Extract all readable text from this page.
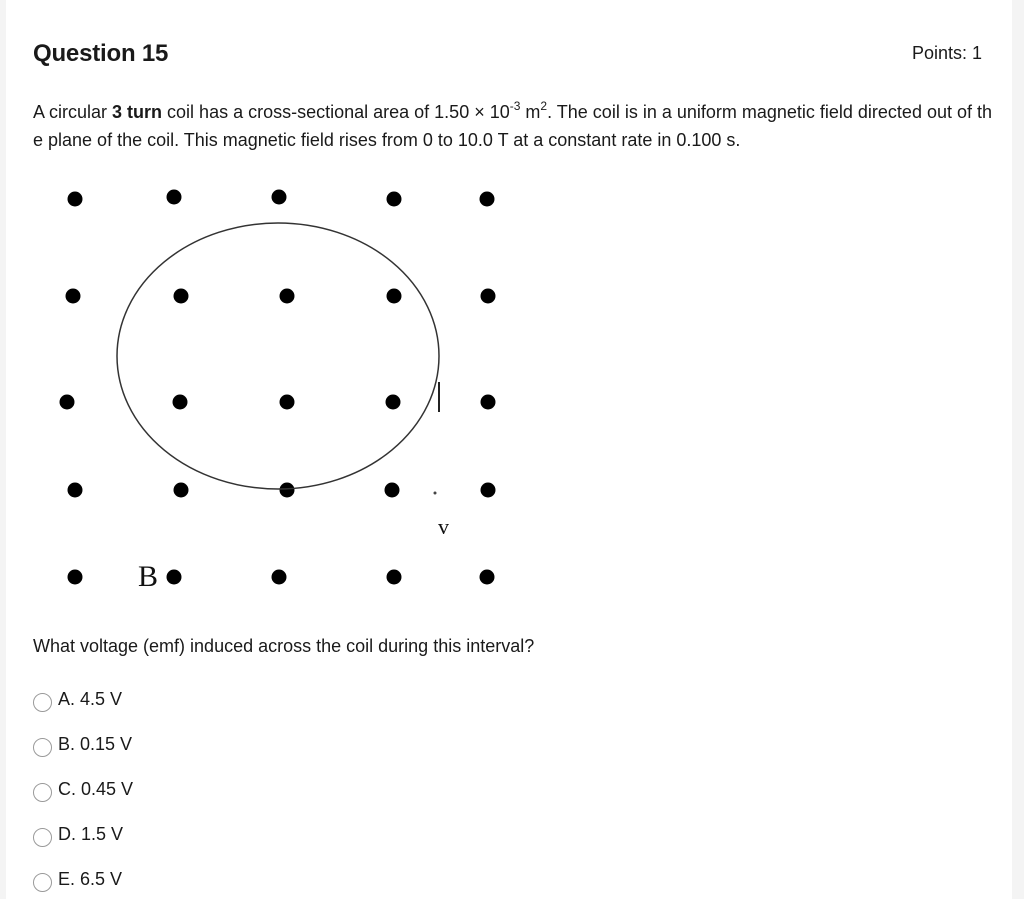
Question 15	Points: 1
A circular 3 turn coil has a cross-sectional area of $1.50 \times 10^{-3}$ $m^2$. The coil is in a uniform magnetic field directed out of the plane of the coil. This magnetic field rises from 0 to 10.0 T at a constant rate in 0.100 s.
B
v
What voltage (emf) induced across the coil during this interval?
A. 4.5 V
B. 0.15 V
C. 0.45 V
D. 1.5 V
E. 6.5 V
